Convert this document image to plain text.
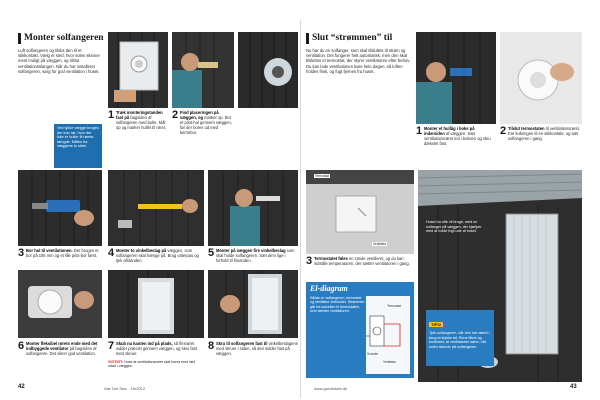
Monter solfangeren
Luft solfangeren og tilslut den til et stikkontakt. Vælg et sted, hvor solen skinner mest muligt på væggen, og tilslut ventilationsslangen. Når du har installeret solfangeren, sørg for god ventilation i huset.
1 Træk monteringstanden fast på bagsiden af solfangeren med bolte. Mål op og marker hullet til røret.
2 Find placeringen på væggen, og marker op. Bor et pilot-hul gennem væggen, før der bores ud med kernebor.
Ved tykke vægge bruges der kun rør, hvor der ikke er huller til rørets længde. Måles fra væggens to sider.
3 Bor hul til ventilationen. Der bruges et bor på 105 mm og et lille pilot-bor først. 4 Monter to vinkelbeslag på væggen, som solfangeren skal hænge på. Brug vaterpas og tjek afstanden.
5 Monter på væggen fire vinkelbeslag som skal holde solfangeren. Sæt dem lige i forhold til hinanden.
6 Monter fleksibel rørets ende med det indbyggede ventilator på bagsiden af solfangeren. Det sikrer god ventilation.
7 Skub nu kanten ind på plads, så flexrøret sidder præcist gennem væggen, og skru fast med skruer.
8 Skru til solfangeren fast til vinkelbeslagene med skruer i siden, så den sidder fast på væggen.
VIGTIGT: Husk at ventilationsrøret skal bores med fald udad i væggen.
42	Gør Det Selv · 16/2012
Slut “strømmen” til
Nu har du en solfanger, som skal tilsluttes til strøm og ventilation. Det fungerer helt automatisk, men den skal tilsluttes et termostat, der styrer ventilatoren efter behov. Du kan lade ventilationen køre hele dagen, så luften holdes frisk, og fugt fjernes fra huset.
1 Monter et hullåg i boks på indersiden af væggen. Sæt ventilationsrøret ind i boksen og skru dækslet fast.
2 Tilslut termostaten til ventilationsrøret. Før ledningen til en stikkontakt, og sæt solfangeren i gang.
Termostat
Ventilator
3 Termostatet føles en smule ventileret, og du kan indstille temperaturen, der sætter ventilatoren i gang.
El-diagram
Sådan er solfangeren, termostat og ventilator forbundet. Strømmen går fra solcellen til termostaten, som tænder ventilatoren.
Solcelle
Termostat
Ventilator
Huset du ofte vil bruge, med en solfanger på væggen, der hjælper med at holde fugt ude af huset.
TIPS!
Tjek solfangeren, når den har været i brug et stykke tid. Rens filtret og kontroller, at ventilatoren kører, når solen skinner på solfangeren.
www.gordetselv.dk	43
